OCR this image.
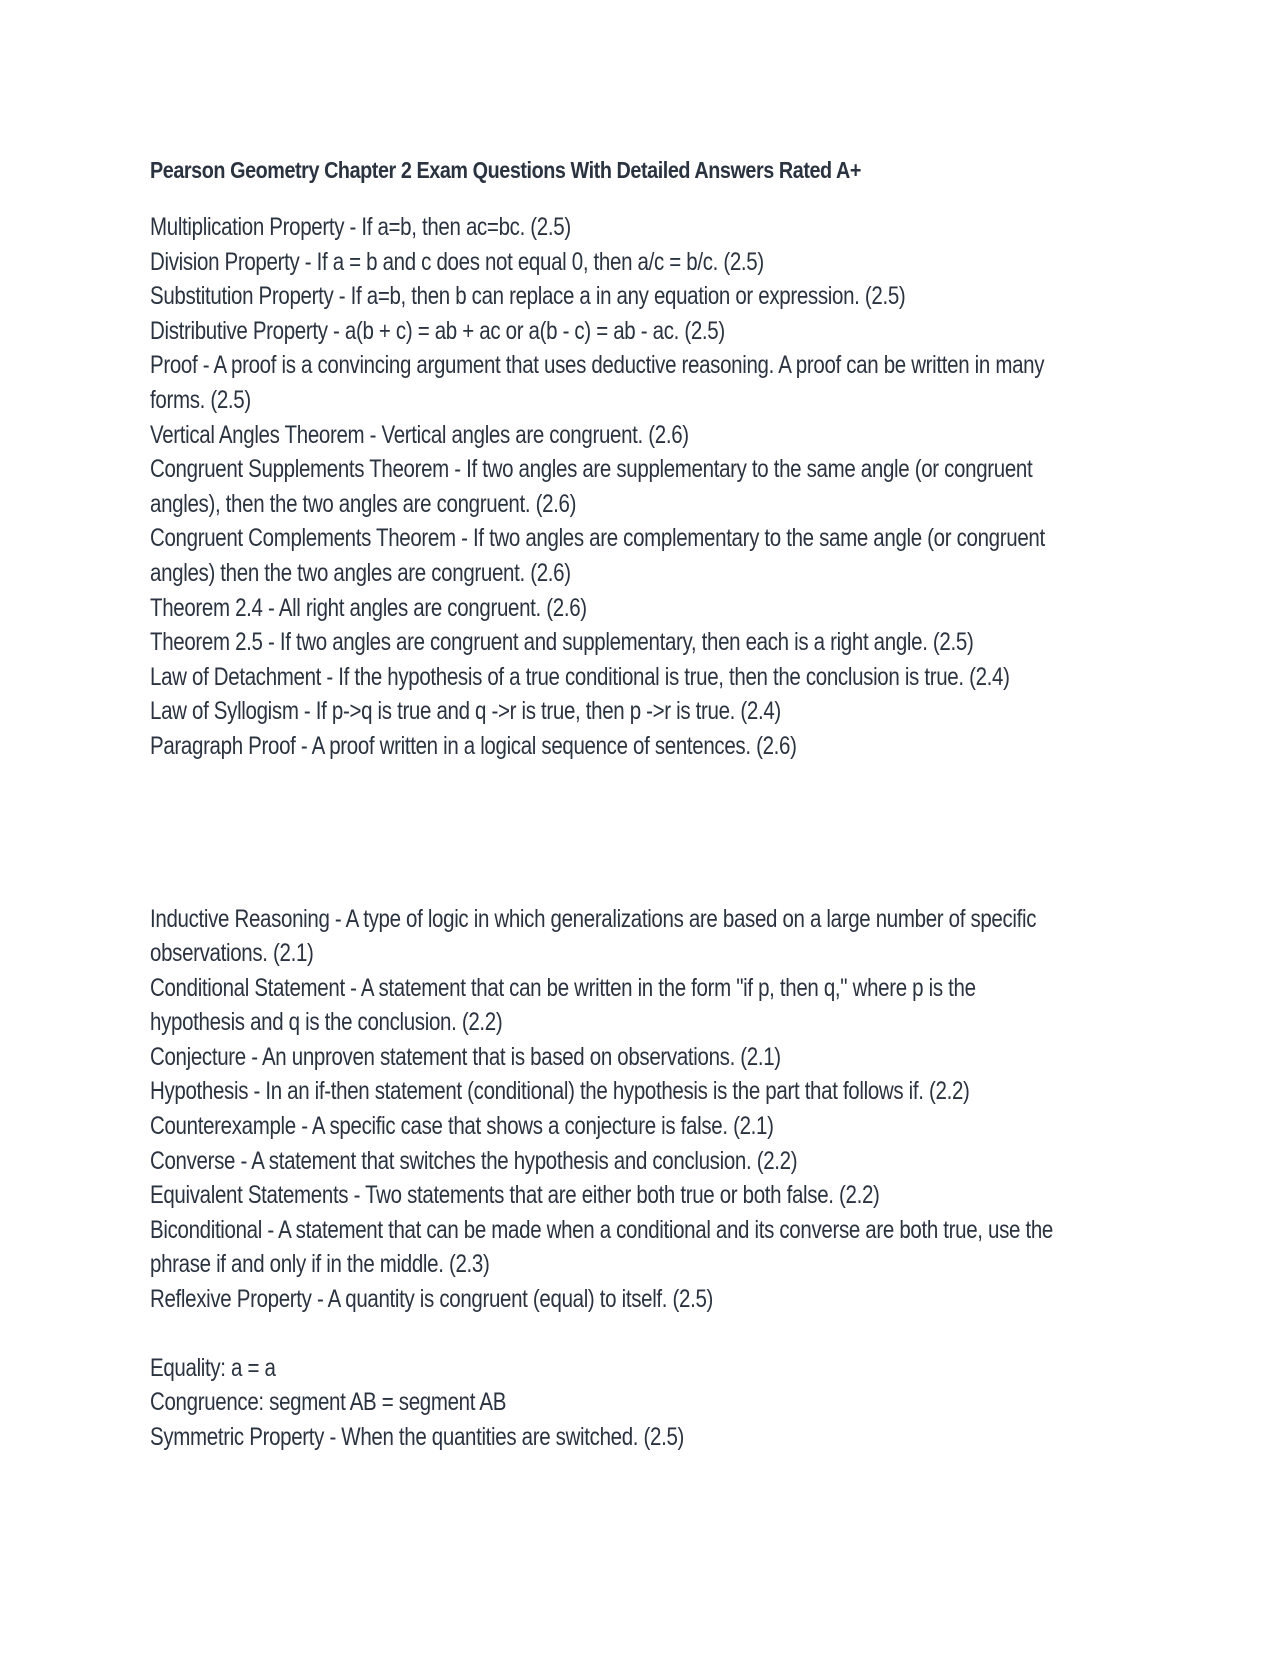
Pearson Geometry Chapter 2 Exam Questions With Detailed Answers Rated A+
Multiplication Property - If a=b, then ac=bc. (2.5)
Division Property - If a = b and c does not equal 0, then a/c = b/c. (2.5)
Substitution Property - If a=b, then b can replace a in any equation or expression. (2.5)
Distributive Property - a(b + c) = ab + ac or a(b - c) = ab - ac. (2.5)
Proof - A proof is a convincing argument that uses deductive reasoning. A proof can be written in many
forms. (2.5)
Vertical Angles Theorem - Vertical angles are congruent. (2.6)
Congruent Supplements Theorem - If two angles are supplementary to the same angle (or congruent
angles), then the two angles are congruent. (2.6)
Congruent Complements Theorem - If two angles are complementary to the same angle (or congruent
angles) then the two angles are congruent. (2.6)
Theorem 2.4 - All right angles are congruent. (2.6)
Theorem 2.5 - If two angles are congruent and supplementary, then each is a right angle. (2.5)
Law of Detachment - If the hypothesis of a true conditional is true, then the conclusion is true. (2.4)
Law of Syllogism - If p->q is true and q ->r is true, then p ->r is true. (2.4)
Paragraph Proof - A proof written in a logical sequence of sentences. (2.6)
Inductive Reasoning - A type of logic in which generalizations are based on a large number of specific
observations. (2.1)
Conditional Statement - A statement that can be written in the form "if p, then q," where p is the
hypothesis and q is the conclusion. (2.2)
Conjecture - An unproven statement that is based on observations. (2.1)
Hypothesis - In an if-then statement (conditional) the hypothesis is the part that follows if. (2.2)
Counterexample - A specific case that shows a conjecture is false. (2.1)
Converse - A statement that switches the hypothesis and conclusion. (2.2)
Equivalent Statements - Two statements that are either both true or both false. (2.2)
Biconditional - A statement that can be made when a conditional and its converse are both true, use the
phrase if and only if in the middle. (2.3)
Reflexive Property - A quantity is congruent (equal) to itself. (2.5)
Equality: a = a
Congruence: segment AB = segment AB
Symmetric Property - When the quantities are switched. (2.5)
